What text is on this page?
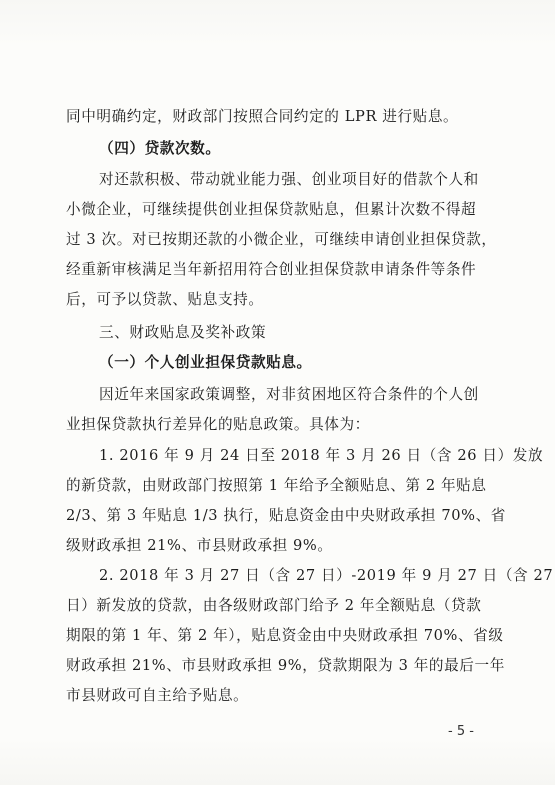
同中明确约定，财政部门按照合同约定的 LPR 进行贴息。
（四）贷款次数。
对还款积极、带动就业能力强、创业项目好的借款个人和
小微企业，可继续提供创业担保贷款贴息，但累计次数不得超
过 3 次。对已按期还款的小微企业，可继续申请创业担保贷款，
经重新审核满足当年新招用符合创业担保贷款申请条件等条件
后，可予以贷款、贴息支持。
三、财政贴息及奖补政策
（一）个人创业担保贷款贴息。
因近年来国家政策调整，对非贫困地区符合条件的个人创
业担保贷款执行差异化的贴息政策。具体为：
1. 2016 年 9 月 24 日至 2018 年 3 月 26 日（含 26 日）发放
的新贷款，由财政部门按照第 1 年给予全额贴息、第 2 年贴息
2/3、第 3 年贴息 1/3 执行，贴息资金由中央财政承担 70%、省
级财政承担 21%、市县财政承担 9%。
2. 2018 年 3 月 27 日（含 27 日）-2019 年 9 月 27 日（含 27
日）新发放的贷款，由各级财政部门给予 2 年全额贴息（贷款
期限的第 1 年、第 2 年），贴息资金由中央财政承担 70%、省级
财政承担 21%、市县财政承担 9%，贷款期限为 3 年的最后一年
市县财政可自主给予贴息。
- 5 -
